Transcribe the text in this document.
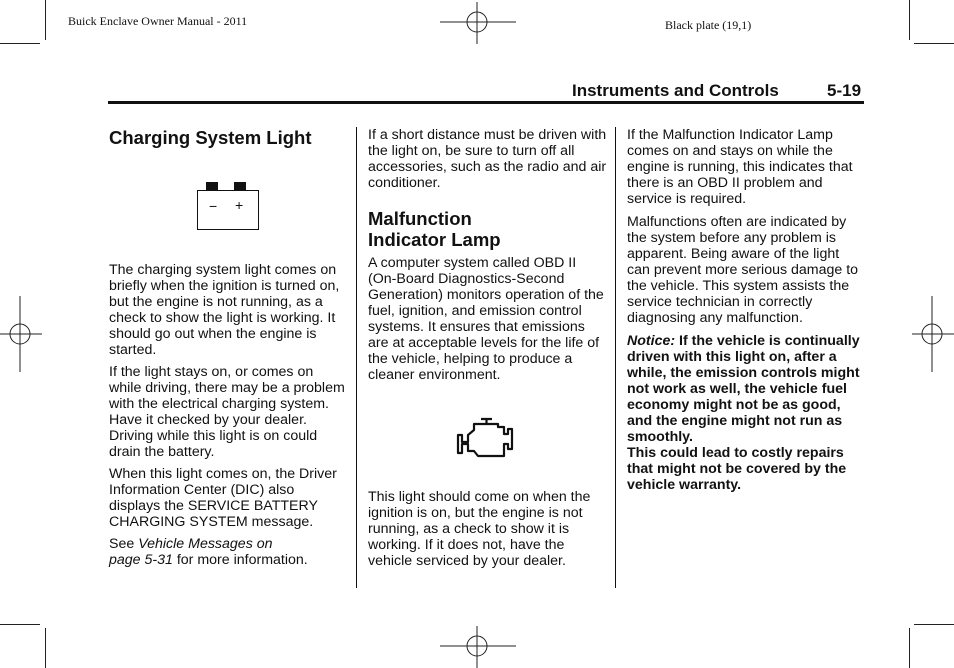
Buick Enclave Owner Manual - 2011	Black plate (19,1)
Instruments and Controls	5-19
Charging System Light
− +

The charging system light comes on briefly when the ignition is turned on, but the engine is not running, as a check to show the light is working. It should go out when the engine is started.

If the light stays on, or comes on while driving, there may be a problem with the electrical charging system. Have it checked by your dealer. Driving while this light is on could drain the battery.

When this light comes on, the Driver Information Center (DIC) also displays the SERVICE BATTERY CHARGING SYSTEM message.

See Vehicle Messages on
page 5‑31 for more information.

If a short distance must be driven with the light on, be sure to turn off all accessories, such as the radio and air conditioner.

Malfunction
Indicator Lamp

A computer system called OBD II (On-Board Diagnostics-Second Generation) monitors operation of the fuel, ignition, and emission control systems. It ensures that emissions are at acceptable levels for the life of the vehicle, helping to produce a cleaner environment.

This light should come on when the ignition is on, but the engine is not running, as a check to show it is working. If it does not, have the vehicle serviced by your dealer.

If the Malfunction Indicator Lamp comes on and stays on while the engine is running, this indicates that there is an OBD II problem and service is required.

Malfunctions often are indicated by the system before any problem is apparent. Being aware of the light can prevent more serious damage to the vehicle. This system assists the service technician in correctly diagnosing any malfunction.

Notice: If the vehicle is continually driven with this light on, after a while, the emission controls might not work as well, the vehicle fuel economy might not be as good, and the engine might not run as smoothly.

This could lead to costly repairs that might not be covered by the vehicle warranty.
